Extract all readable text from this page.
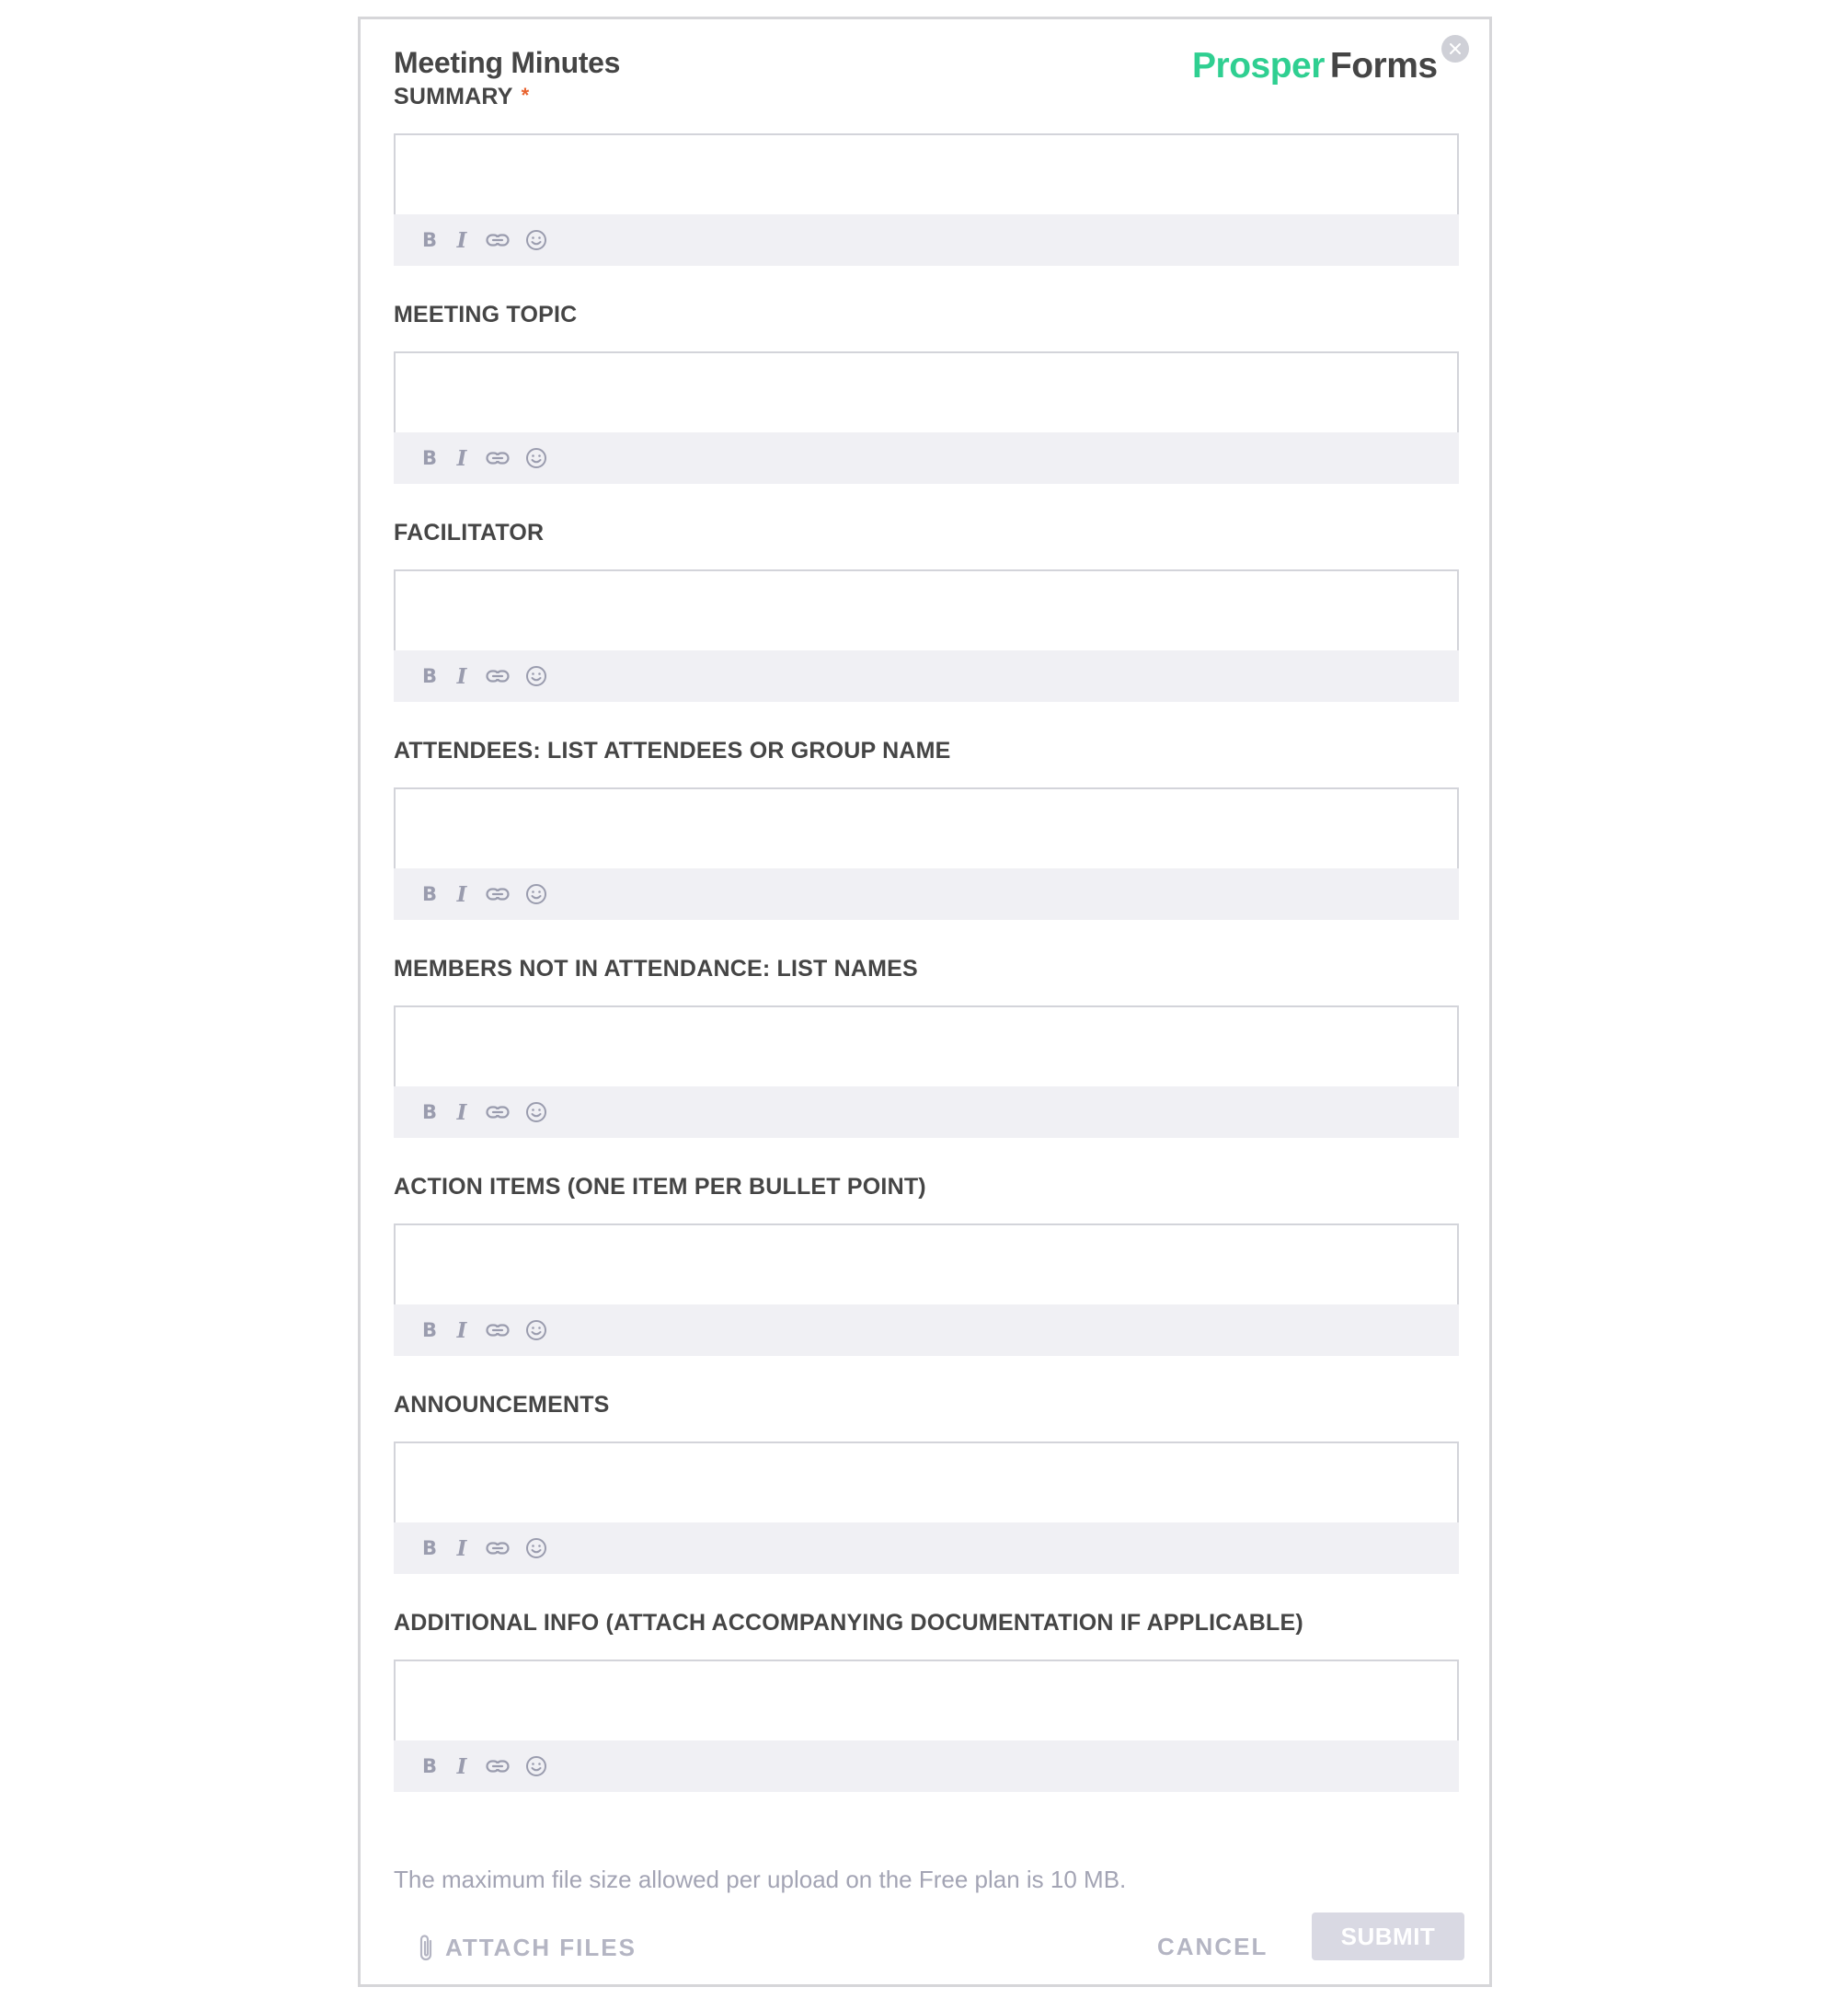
Meeting Minutes	Prosper Forms
SUMMARY *
B I
MEETING TOPIC
B I
FACILITATOR
B I
ATTENDEES: LIST ATTENDEES OR GROUP NAME
B I
MEMBERS NOT IN ATTENDANCE: LIST NAMES
B I
ACTION ITEMS (ONE ITEM PER BULLET POINT)
B I
ANNOUNCEMENTS
B I
ADDITIONAL INFO (ATTACH ACCOMPANYING DOCUMENTATION IF APPLICABLE)
B I
The maximum file size allowed per upload on the Free plan is 10 MB.
ATTACH FILES	CANCEL	SUBMIT
